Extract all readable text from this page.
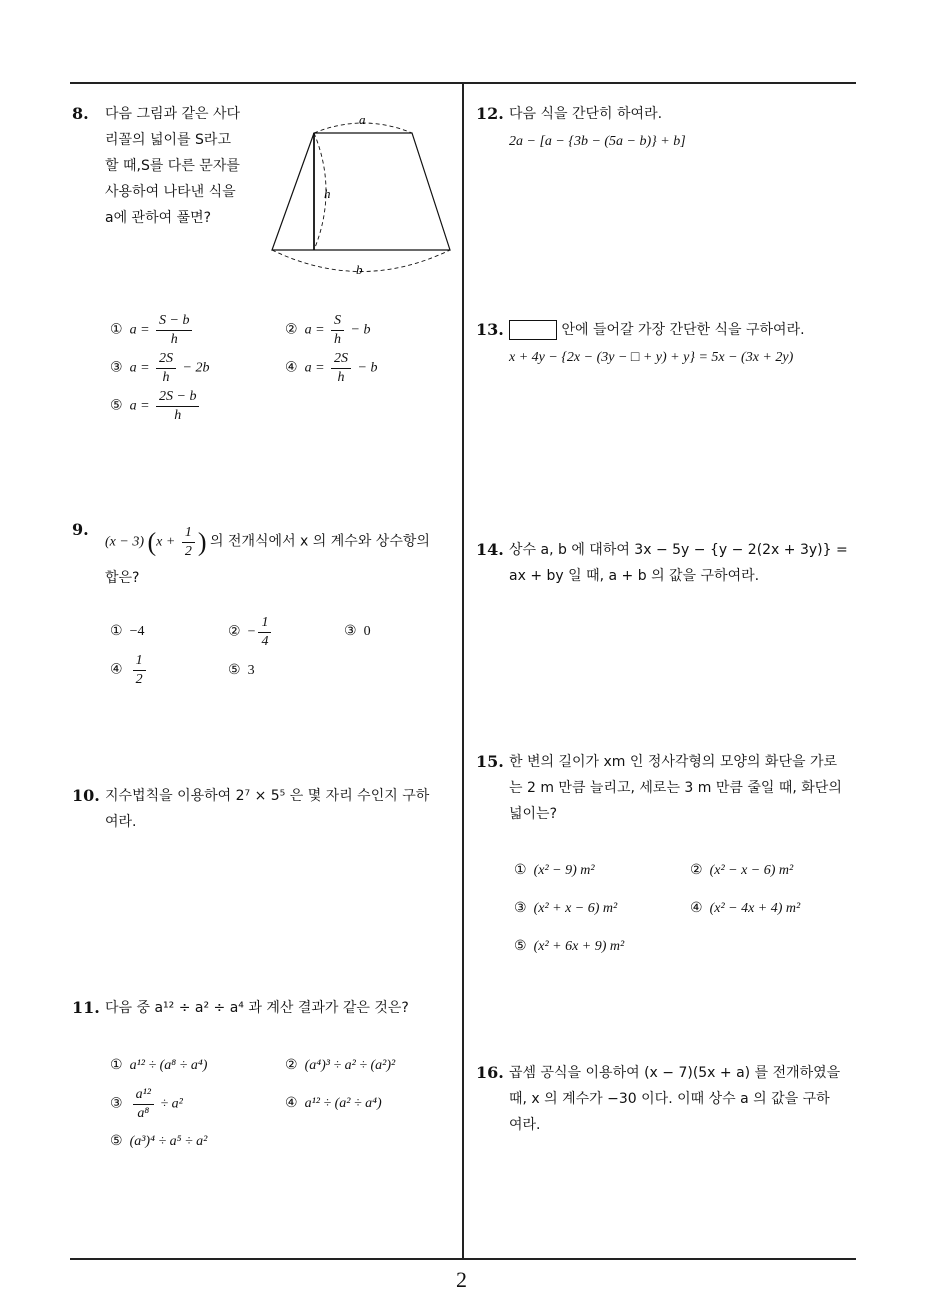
8. 다음 그림과 같은 사다
리꼴의 넓이를 S라고
할 때,S를 다른 문자를
사용하여 나타낸 식을
a에 관하여 풀면?
a
h
b
① $a = \frac{S - b}{h}$	② $a = \frac{S}{h} - b$
③ $a = \frac{2S}{h} - 2b$	④ $a = \frac{2S}{h} - b$
⑤ $a = \frac{2S - b}{h}$
9.
(x − 3) ($x + \frac{1}{2}$ ) 의 전개식에서 x 의 계수와 상수항의
합은?
① −4	② − $\frac{1}{4}$	③ 0
④ $\frac{1}{2}$	⑤ 3
10. 지수법칙을 이용하여 2⁷ × 5⁵ 은 몇 자리 수인지 구하
여라.
11. 다음 중 a¹² ÷ a² ÷ a⁴ 과 계산 결과가 같은 것은?
① a¹² ÷ (a⁸ ÷ a⁴)	② (a⁴)³ ÷ a² ÷ (a²)²
③ $\frac{\text{a¹²}}{\text{a⁸}} \div a^2$	④ a¹² ÷ (a² ÷ a⁴)
⑤ (a³)⁴ ÷ a⁵ ÷ a²
12. 다음 식을 간단히 하여라.
2a − [a − {3b − (5a − b)} + b]
13.	안에 들어갈 가장 간단한 식을 구하여라.
x + 4y − {2x − (3y − □ + y) + y} = 5x − (3x + 2y)
14. 상수 a, b 에 대하여 3x − 5y − {y − 2(2x + 3y)} =
ax + by 일 때, a + b 의 값을 구하여라.
15. 한 변의 길이가 xm 인 정사각형의 모양의 화단을 가로
는 2 m 만큼 늘리고, 세로는 3 m 만큼 줄일 때, 화단의
넓이는?
① (x² − 9) m²	② (x² − x − 6) m²
③ (x² + x − 6) m²	④ (x² − 4x + 4) m²
⑤ (x² + 6x + 9) m²
16. 곱셈 공식을 이용하여 (x − 7)(5x + a) 를 전개하였을
때, x 의 계수가 −30 이다. 이때 상수 a 의 값을 구하
여라.
2
